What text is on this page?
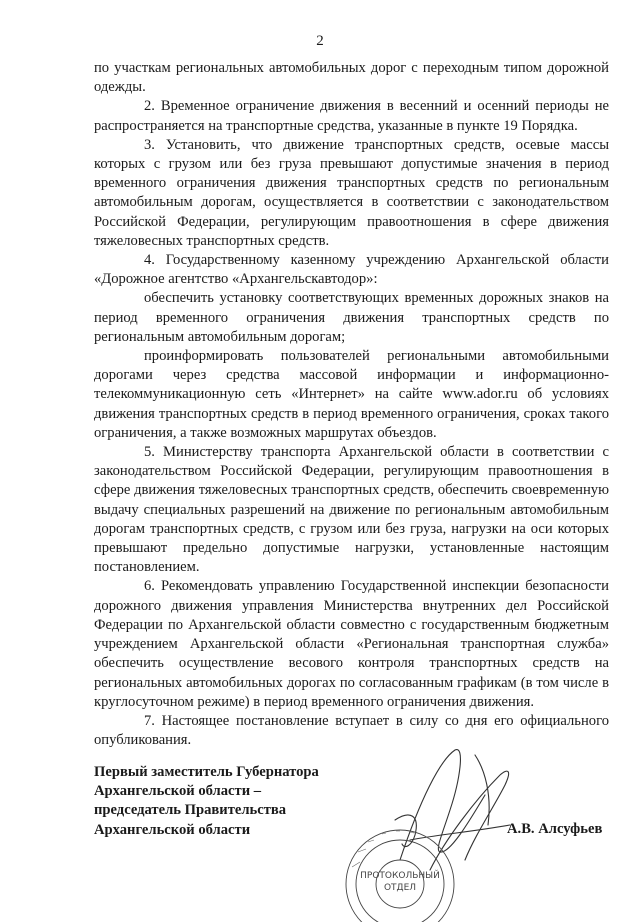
2

по участкам региональных автомобильных дорог с переходным типом дорожной одежды.

2. Временное ограничение движения в весенний и осенний периоды не распространяется на транспортные средства, указанные в пункте 19 Порядка.

3. Установить, что движение транспортных средств, осевые массы которых с грузом или без груза превышают допустимые значения в период временного ограничения движения транспортных средств по региональным автомобильным дорогам, осуществляется в соответствии с законодательством Российской Федерации, регулирующим правоотношения в сфере движения тяжеловесных транспортных средств.

4. Государственному казенному учреждению Архангельской области «Дорожное агентство «Архангельскавтодор»:

обеспечить установку соответствующих временных дорожных знаков на период временного ограничения движения транспортных средств по региональным автомобильным дорогам;

проинформировать пользователей региональными автомобильными дорогами через средства массовой информации и информационно-телекоммуникационную сеть «Интернет» на сайте www.ador.ru об условиях движения транспортных средств в период временного ограничения, сроках такого ограничения, а также возможных маршрутах объездов.

5. Министерству транспорта Архангельской области в соответствии с законодательством Российской Федерации, регулирующим правоотношения в сфере движения тяжеловесных транспортных средств, обеспечить своевременную выдачу специальных разрешений на движение по региональным автомобильным дорогам транспортных средств, с грузом или без груза, нагрузки на оси которых превышают предельно допустимые нагрузки, установленные настоящим постановлением.

6. Рекомендовать управлению Государственной инспекции безопасности дорожного движения управления Министерства внутренних дел Российской Федерации по Архангельской области совместно с государственным бюджетным учреждением Архангельской области «Региональная транспортная служба» обеспечить осуществление весового контроля транспортных средств на региональных автомобильных дорогах по согласованным графикам (в том числе в круглосуточном режиме) в период временного ограничения движения.

7. Настоящее постановление вступает в силу со дня его официального опубликования.

Первый заместитель Губернатора
Архангельской области –
председатель Правительства
Архангельской области
ПРОТОКОЛЬНЫЙ
ОТДЕЛ
А.В. Алсуфьев
